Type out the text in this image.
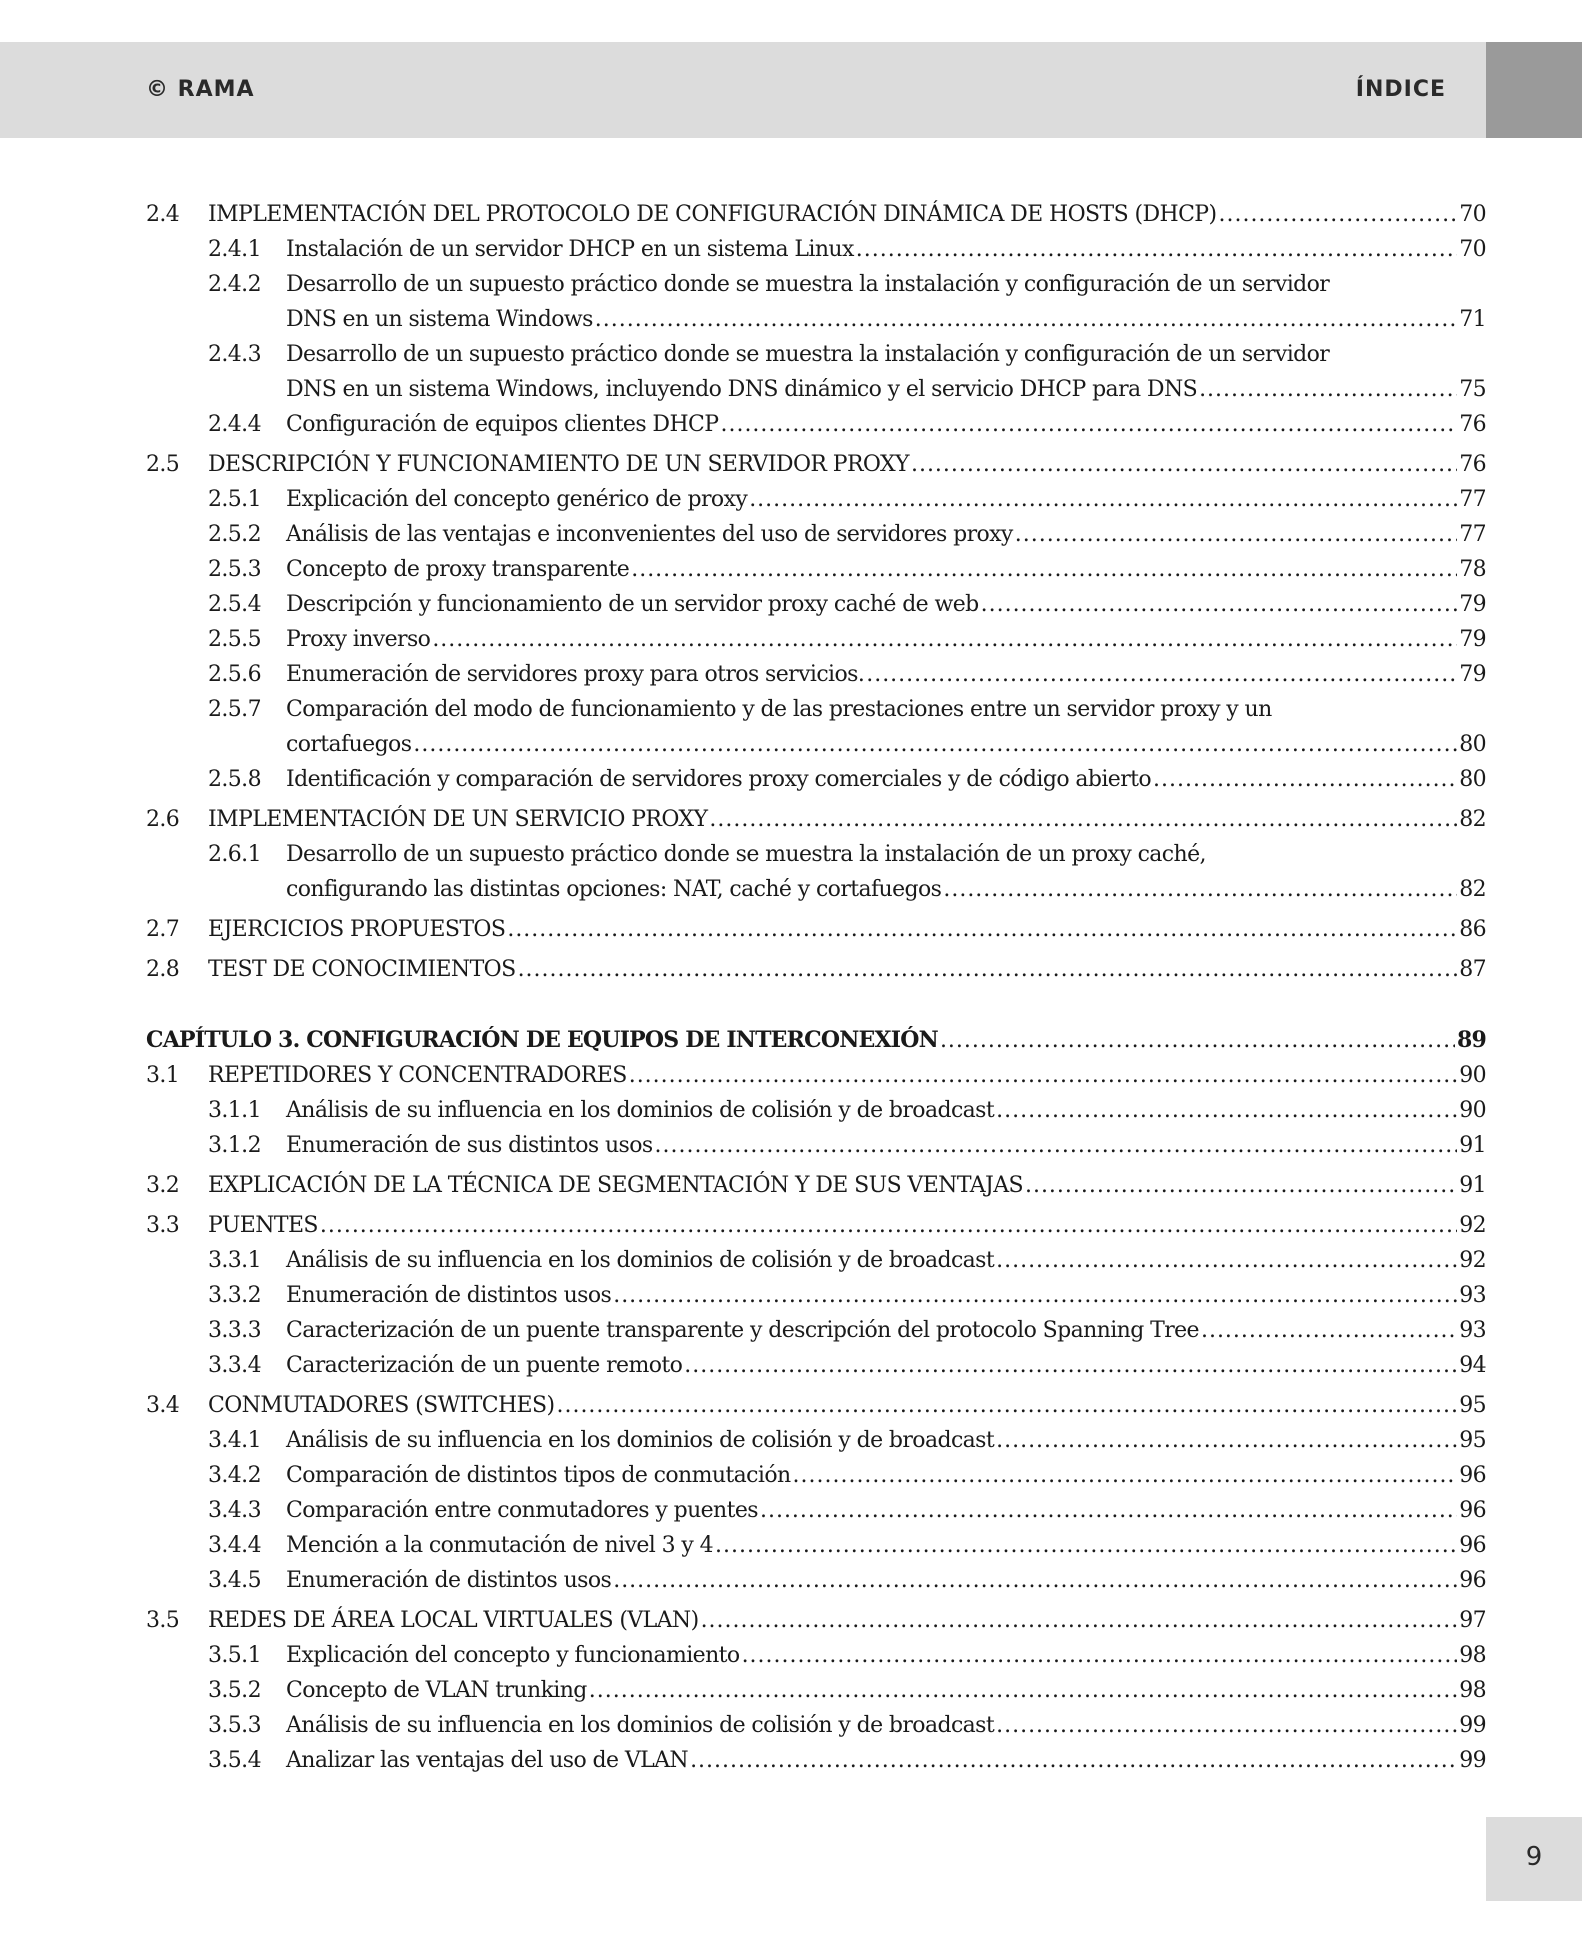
© RAMA	ÍNDICE
2.4 IMPLEMENTACIÓN DEL PROTOCOLO DE CONFIGURACIÓN DINÁMICA DE HOSTS (DHCP) . . .	70
2.4.1 Instalación de un servidor DHCP en un sistema Linux . . .	70
2.4.2 Desarrollo de un supuesto práctico donde se muestra la instalación y configuración de un servidor
DNS en un sistema Windows . . .	71
2.4.3 Desarrollo de un supuesto práctico donde se muestra la instalación y configuración de un servidor
DNS en un sistema Windows, incluyendo DNS dinámico y el servicio DHCP para DNS . . .	75
2.4.4 Configuración de equipos clientes DHCP . . .	76
2.5 DESCRIPCIÓN Y FUNCIONAMIENTO DE UN SERVIDOR PROXY . . .	76
2.5.1 Explicación del concepto genérico de proxy . . .	77
2.5.2 Análisis de las ventajas e inconvenientes del uso de servidores proxy . . .	77
2.5.3 Concepto de proxy transparente . . .	78
2.5.4 Descripción y funcionamiento de un servidor proxy caché de web . . .	79
2.5.5 Proxy inverso . . .	79
2.5.6 Enumeración de servidores proxy para otros servicios. . . .	79
2.5.7 Comparación del modo de funcionamiento y de las prestaciones entre un servidor proxy y un
cortafuegos . . .	80
2.5.8 Identificación y comparación de servidores proxy comerciales y de código abierto . . .	80
2.6 IMPLEMENTACIÓN DE UN SERVICIO PROXY . . .	82
2.6.1 Desarrollo de un supuesto práctico donde se muestra la instalación de un proxy caché,
configurando las distintas opciones: NAT, caché y cortafuegos . . .	82
2.7 EJERCICIOS PROPUESTOS . . .	86
2.8 TEST DE CONOCIMIENTOS . . .	87
CAPÍTULO 3. CONFIGURACIÓN DE EQUIPOS DE INTERCONEXIÓN . . .	89
3.1 REPETIDORES Y CONCENTRADORES . . .	90
3.1.1 Análisis de su influencia en los dominios de colisión y de broadcast . . .	90
3.1.2 Enumeración de sus distintos usos . . .	91
3.2 EXPLICACIÓN DE LA TÉCNICA DE SEGMENTACIÓN Y DE SUS VENTAJAS . . .	91
3.3 PUENTES . . .	92
3.3.1 Análisis de su influencia en los dominios de colisión y de broadcast . . .	92
3.3.2 Enumeración de distintos usos . . .	93
3.3.3 Caracterización de un puente transparente y descripción del protocolo Spanning Tree . . .	93
3.3.4 Caracterización de un puente remoto . . .	94
3.4 CONMUTADORES (SWITCHES) . . .	95
3.4.1 Análisis de su influencia en los dominios de colisión y de broadcast . . .	95
3.4.2 Comparación de distintos tipos de conmutación . . .	96
3.4.3 Comparación entre conmutadores y puentes . . .	96
3.4.4 Mención a la conmutación de nivel 3 y 4 . . .	96
3.4.5 Enumeración de distintos usos . . .	96
3.5 REDES DE ÁREA LOCAL VIRTUALES (VLAN) . . .	97
3.5.1 Explicación del concepto y funcionamiento . . .	98
3.5.2 Concepto de VLAN trunking . . .	98
3.5.3 Análisis de su influencia en los dominios de colisión y de broadcast . . .	99
3.5.4 Analizar las ventajas del uso de VLAN . . .	99
9
